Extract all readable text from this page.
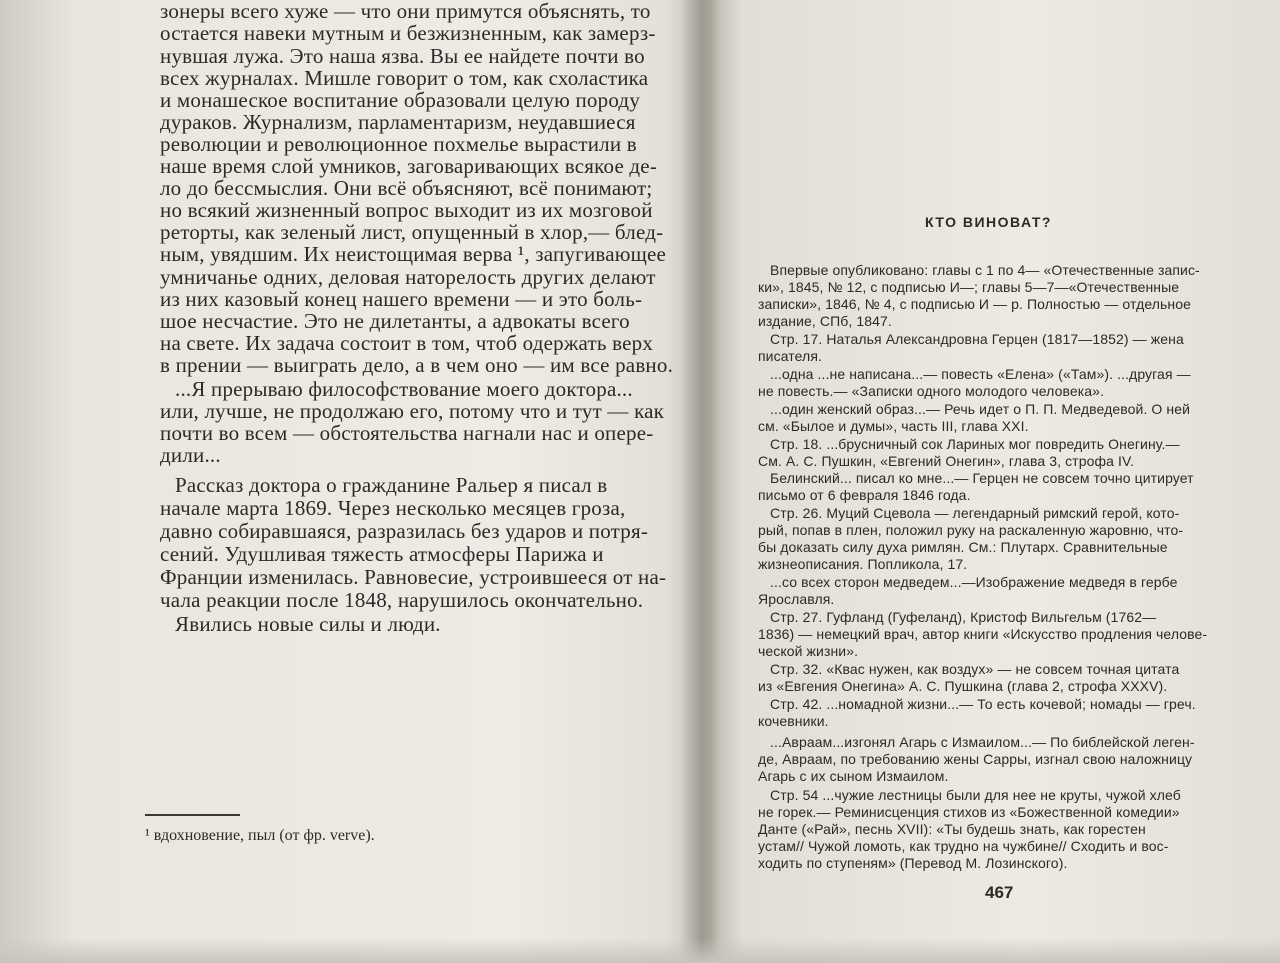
зонеры всего хуже — что они примутся объяснять, то
остается навеки мутным и безжизненным, как замерз-
нувшая лужа. Это наша язва. Вы ее найдете почти во
всех журналах. Мишле говорит о том, как схоластика
и монашеское воспитание образовали целую породу
дураков. Журнализм, парламентаризм, неудавшиеся
революции и революционное похмелье вырастили в
наше время слой умников, заговаривающих всякое де-
ло до бессмыслия. Они всё объясняют, всё понимают;
но всякий жизненный вопрос выходит из их мозговой
реторты, как зеленый лист, опущенный в хлор,— блед-
ным, увядшим. Их неистощимая верва ¹, запугивающее
умничанье одних, деловая наторелость других делают
из них казовый конец нашего времени — и это боль-
шое несчастие. Это не дилетанты, а адвокаты всего
на свете. Их задача состоит в том, чтоб одержать верх
в прении — выиграть дело, а в чем оно — им все равно.
...Я прерываю философствование моего доктора...
или, лучше, не продолжаю его, потому что и тут — как
почти во всем — обстоятельства нагнали нас и опере-
дили...
Рассказ доктора о гражданине Ральер я писал в
начале марта 1869. Через несколько месяцев гроза,
давно собиравшаяся, разразилась без ударов и потря-
сений. Удушливая тяжесть атмосферы Парижа и
Франции изменилась. Равновесие, устроившееся от на-
чала реакции после 1848, нарушилось окончательно.
Явились новые силы и люди.
¹ вдохновение, пыл (от фр. verve).
КТО ВИНОВАТ?
Впервые опубликовано: главы с 1 по 4— «Отечественные запис-
ки», 1845, № 12, с подписью И—; главы 5—7—«Отечественные
записки», 1846, № 4, с подписью И — р. Полностью — отдельное
издание, СПб, 1847.
Стр. 17. Наталья Александровна Герцен (1817—1852) — жена
писателя.
...одна ...не написана...— повесть «Елена» («Там»). ...другая —
не повесть.— «Записки одного молодого человека».
...один женский образ...— Речь идет о П. П. Медведевой. О ней
см. «Былое и думы», часть III, глава XXI.
Стр. 18. ...брусничный сок Лариных мог повредить Онегину.—
См. А. С. Пушкин, «Евгений Онегин», глава 3, строфа IV.
Белинский... писал ко мне...— Герцен не совсем точно цитирует
письмо от 6 февраля 1846 года.
Стр. 26. Муций Сцевола — легендарный римский герой, кото-
рый, попав в плен, положил руку на раскаленную жаровню, что-
бы доказать силу духа римлян. См.: Плутарх. Сравнительные
жизнеописания. Попликола, 17.
...со всех сторон медведем...—Изображение медведя в гербе
Ярославля.
Стр. 27. Гуфланд (Гуфеланд), Кристоф Вильгельм (1762—
1836) — немецкий врач, автор книги «Искусство продления челове-
ческой жизни».
Стр. 32. «Квас нужен, как воздух» — не совсем точная цитата
из «Евгения Онегина» А. С. Пушкина (глава 2, строфа XXXV).
Стр. 42. ...номадной жизни...— То есть кочевой; номады — греч.
кочевники.
...Авраам...изгонял Агарь с Измаилом...— По библейской леген-
де, Авраам, по требованию жены Сарры, изгнал свою наложницу
Агарь с их сыном Измаилом.
Стр. 54 ...чужие лестницы были для нее не круты, чужой хлеб
не горек.— Реминисценция стихов из «Божественной комедии»
Данте («Рай», песнь XVII): «Ты будешь знать, как горестен
устам// Чужой ломоть, как трудно на чужбине// Сходить и вос-
ходить по ступеням» (Перевод М. Лозинского).
467
